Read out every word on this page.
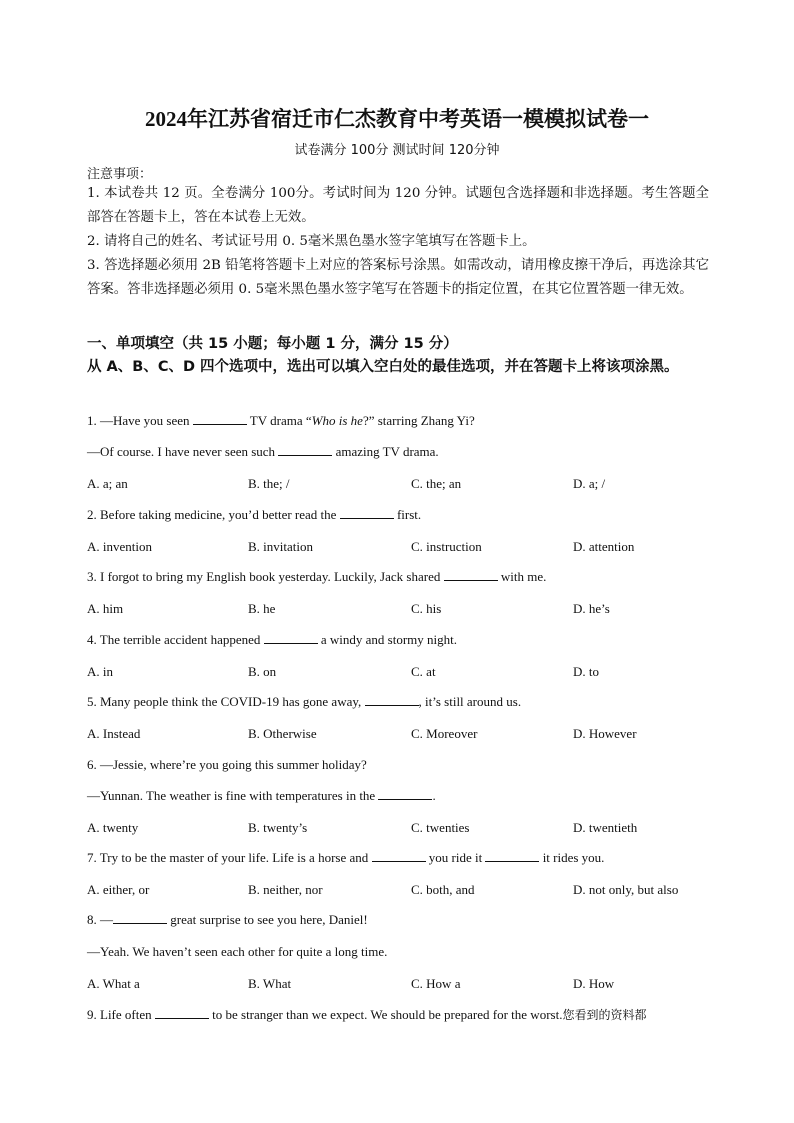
2024年江苏省宿迁市仁杰教育中考英语一模模拟试卷一
试卷满分 100分 测试时间 120分钟
注意事项：

1. 本试卷共 12 页。全卷满分 100分。考试时间为 120 分钟。试题包含选择题和非选择题。考生答题全部答在答题卡上，答在本试卷上无效。

2. 请将自己的姓名、考试证号用 0. 5毫米黑色墨水签字笔填写在答题卡上。

3. 答选择题必须用 2B 铅笔将答题卡上对应的答案标号涂黑。如需改动，请用橡皮擦干净后，再选涂其它答案。答非选择题必须用 0. 5毫米黑色墨水签字笔写在答题卡的指定位置，在其它位置答题一律无效。

一、单项填空（共 15 小题；每小题 1 分，满分 15 分）
从 A、B、C、D 四个选项中，选出可以填入空白处的最佳选项，并在答题卡上将该项涂黑。
1. —Have you seen	TV drama “Who is he?” starring Zhang Yi?
—Of course. I have never seen such	amazing TV drama.
A. a; an	B. the; /	C. the; an	D. a; /
2. Before taking medicine, you’d better read the	first.
A. invention	B. invitation	C. instruction	D. attention
3. I forgot to bring my English book yesterday. Luckily, Jack shared	with me.
A. him	B. he	C. his	D. he’s
4. The terrible accident happened	a windy and stormy night.
A. in	B. on	C. at	D. to
5. Many people think the COVID-19 has gone away,	, it’s still around us.
A. Instead	B. Otherwise	C. Moreover	D. However
6. —Jessie, where’re you going this summer holiday?
—Yunnan. The weather is fine with temperatures in the	.
A. twenty	B. twenty’s	C. twenties	D. twentieth
7. Try to be the master of your life. Life is a horse and	you ride it	it rides you.
A. either, or	B. neither, nor	C. both, and	D. not only, but also
8. —	great surprise to see you here, Daniel!
—Yeah. We haven’t seen each other for quite a long time.
A. What a	B. What	C. How a	D. How
9. Life often	to be stranger than we expect. We should be prepared for the worst.您看到的资料都
